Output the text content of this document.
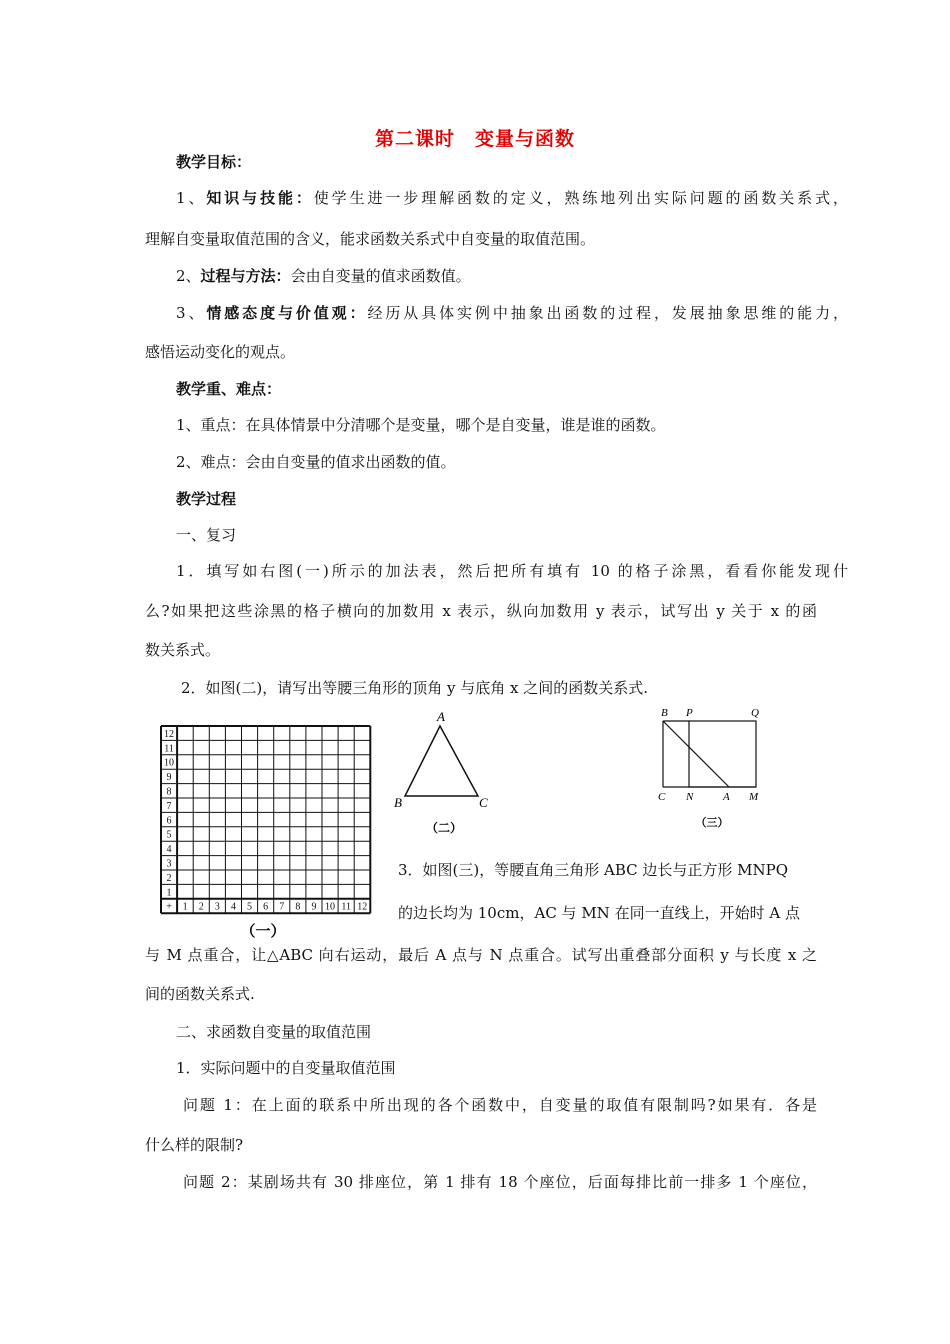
第二课时　变量与函数
教学目标：
1、知识与技能：使学生进一步理解函数的定义，熟练地列出实际问题的函数关系式，
理解自变量取值范围的含义，能求函数关系式中自变量的取值范围。
2、过程与方法：会由自变量的值求函数值。
3、情感态度与价值观：经历从具体实例中抽象出函数的过程，发展抽象思维的能力，
感悟运动变化的观点。
教学重、难点：
1、重点：在具体情景中分清哪个是变量，哪个是自变量，谁是谁的函数。
2、难点：会由自变量的值求出函数的值。
教学过程
一、复习
1．填写如右图(一)所示的加法表，然后把所有填有 10 的格子涂黑，看看你能发现什
么?如果把这些涂黑的格子横向的加数用 x 表示，纵向加数用 y 表示，试写出 y 关于 x 的函
数关系式。
2．如图(二)，请写出等腰三角形的顶角 y 与底角 x 之间的函数关系式.
12
11
10
9
8
7
6
5
4
3
2
1
+ 1 2 3 4 5 6 7 8 9 10 11 12
（一）
A
B	C
（二）
B P	Q
C N	A M
（三）
3．如图(三)，等腰直角三角形 ABC 边长与正方形 MNPQ
的边长均为 10cm，AC 与 MN 在同一直线上，开始时 A 点
与 M 点重合，让△ABC 向右运动，最后 A 点与 N 点重合。试写出重叠部分面积 y 与长度 x 之
间的函数关系式.
二、求函数自变量的取值范围
1．实际问题中的自变量取值范围
问题 1：在上面的联系中所出现的各个函数中，自变量的取值有限制吗?如果有．各是
什么样的限制?
问题 2：某剧场共有 30 排座位，第 1 排有 18 个座位，后面每排比前一排多 1 个座位，
